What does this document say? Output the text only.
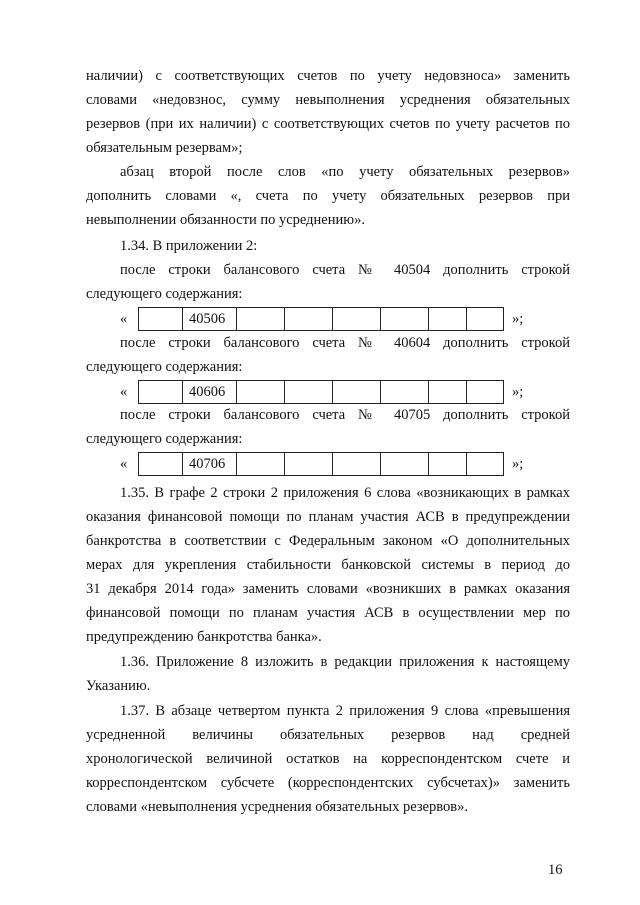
наличии) с соответствующих счетов по учету недовзноса» заменить
словами «недовзнос, сумму невыполнения усреднения обязательных
резервов (при их наличии) с соответствующих счетов по учету расчетов по
обязательным резервам»;
абзац второй после слов «по учету обязательных резервов»
дополнить словами «, счета по учету обязательных резервов при
невыполнении обязанности по усреднению».
1.34. В приложении 2:
после строки балансового счета № 40504 дополнить строкой
следующего содержания:
«	40506	»;
после строки балансового счета № 40604 дополнить строкой
следующего содержания:
«	40606	»;
после строки балансового счета № 40705 дополнить строкой
следующего содержания:
«	40706	»;
1.35. В графе 2 строки 2 приложения 6 слова «возникающих в рамках
оказания финансовой помощи по планам участия АСВ в предупреждении
банкротства в соответствии с Федеральным законом «О дополнительных
мерах для укрепления стабильности банковской системы в период до
31 декабря 2014 года» заменить словами «возникших в рамках оказания
финансовой помощи по планам участия АСВ в осуществлении мер по
предупреждению банкротства банка».
1.36. Приложение 8 изложить в редакции приложения к настоящему
Указанию.
1.37. В абзаце четвертом пункта 2 приложения 9 слова «превышения
усредненной величины обязательных резервов над средней
хронологической величиной остатков на корреспондентском счете и
корреспондентском субсчете (корреспондентских субсчетах)» заменить
словами «невыполнения усреднения обязательных резервов».
16
